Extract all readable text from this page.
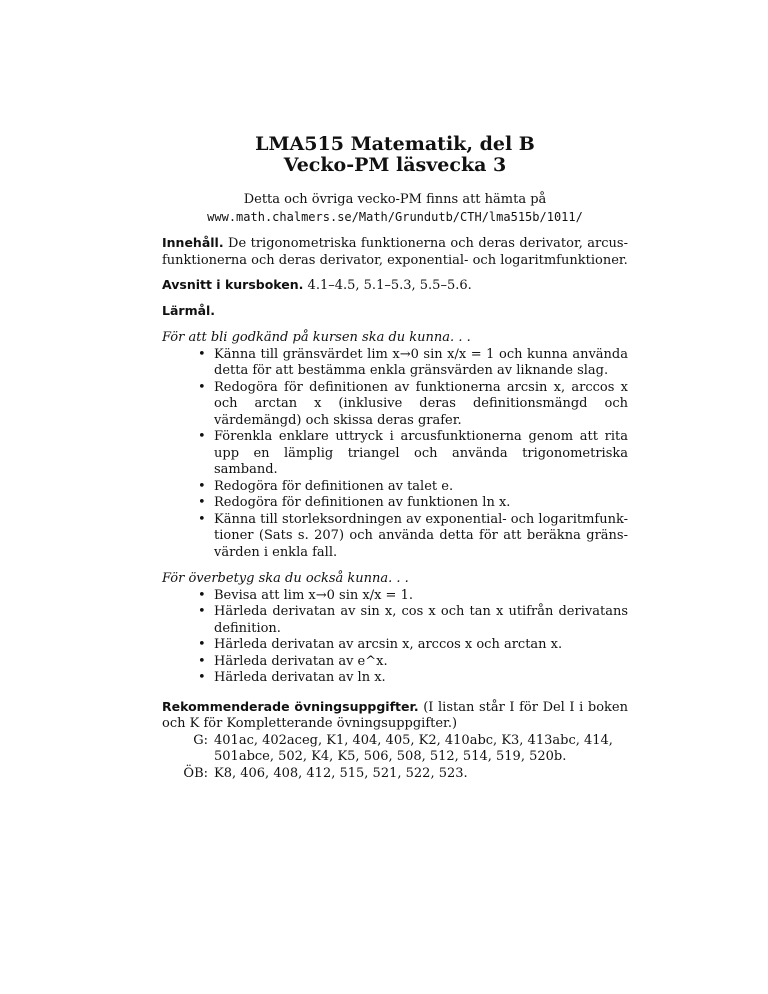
LMA515 Matematik, del B
Vecko-PM läsvecka 3
Detta och övriga vecko-PM finns att hämta på
www.math.chalmers.se/Math/Grundutb/CTH/lma515b/1011/
Innehåll. De trigonometriska funktionerna och deras derivator, arcus-funktionerna och deras derivator, exponential- och logaritmfunktioner.
Avsnitt i kursboken. 4.1–4.5, 5.1–5.3, 5.5–5.6.
Lärmål.
För att bli godkänd på kursen ska du kunna. . .
• Känna till gränsvärdet lim x→0 sin x/x = 1 och kunna använda detta för att bestämma enkla gränsvärden av liknande slag.
• Redogöra för definitionen av funktionerna arcsin x, arccos x och arctan x (inklusive deras definitionsmängd och värdemängd) och skissa deras grafer.
• Förenkla enklare uttryck i arcusfunktionerna genom att rita upp en lämplig triangel och använda trigonometriska samband.
• Redogöra för definitionen av talet e.
• Redogöra för definitionen av funktionen ln x.
• Känna till storleksordningen av exponential- och logaritmfunk-tioner (Sats s. 207) och använda detta för att beräkna gräns-värden i enkla fall.
För överbetyg ska du också kunna. . .
• Bevisa att lim x→0 sin x/x = 1.
• Härleda derivatan av sin x, cos x och tan x utifrån derivatans definition.
• Härleda derivatan av arcsin x, arccos x och arctan x.
• Härleda derivatan av e^x.
• Härleda derivatan av ln x.
Rekommenderade övningsuppgifter. (I listan står I för Del I i boken och K för Kompletterande övningsuppgifter.)
G: 401ac, 402aceg, K1, 404, 405, K2, 410abc, K3, 413abc, 414, 501abce, 502, K4, K5, 506, 508, 512, 514, 519, 520b.
ÖB: K8, 406, 408, 412, 515, 521, 522, 523.
